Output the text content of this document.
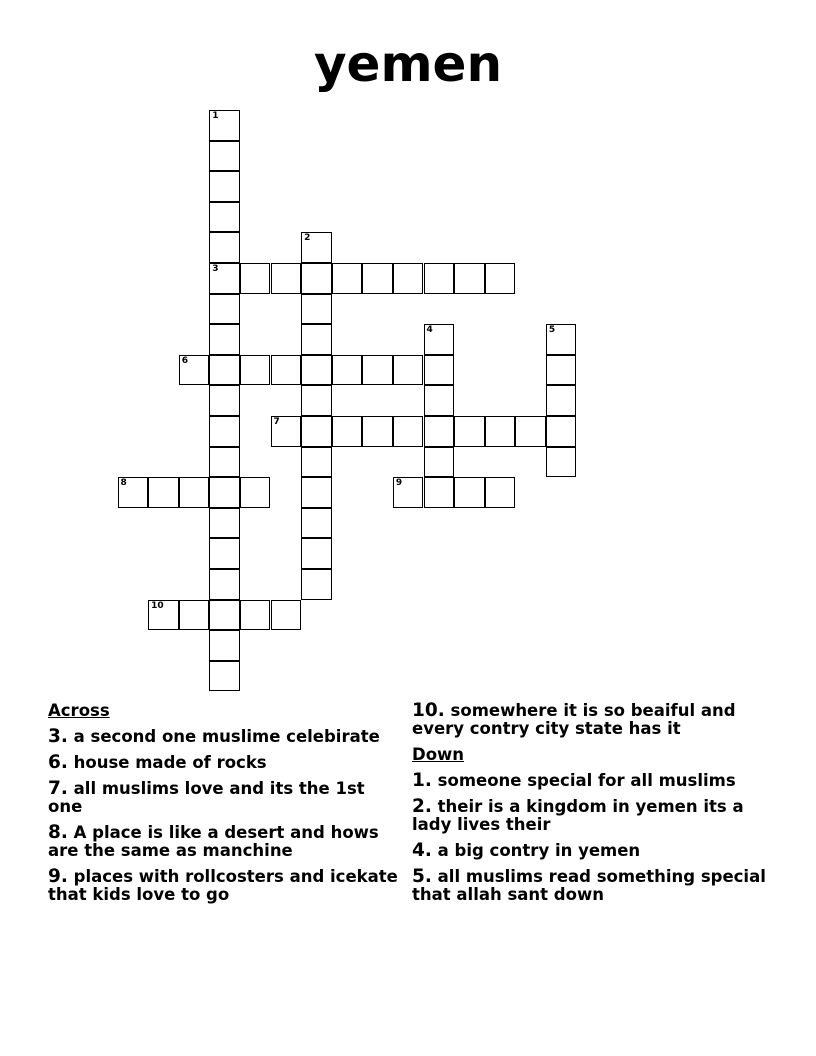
yemen
3
6
7
8	9
10
1
2
4	5
Across
3. a second one muslime celebirate
6. house made of rocks
7. all muslims love and its the 1st one
8. A place is like a desert and hows are the same as manchine
9. places with rollcosters and icekate that kids love to go
10. somewhere it is so beaiful and every contry city state has it
Down
1. someone special for all muslims
2. their is a kingdom in yemen its a lady lives their
4. a big contry in yemen
5. all muslims read something special that allah sant down
